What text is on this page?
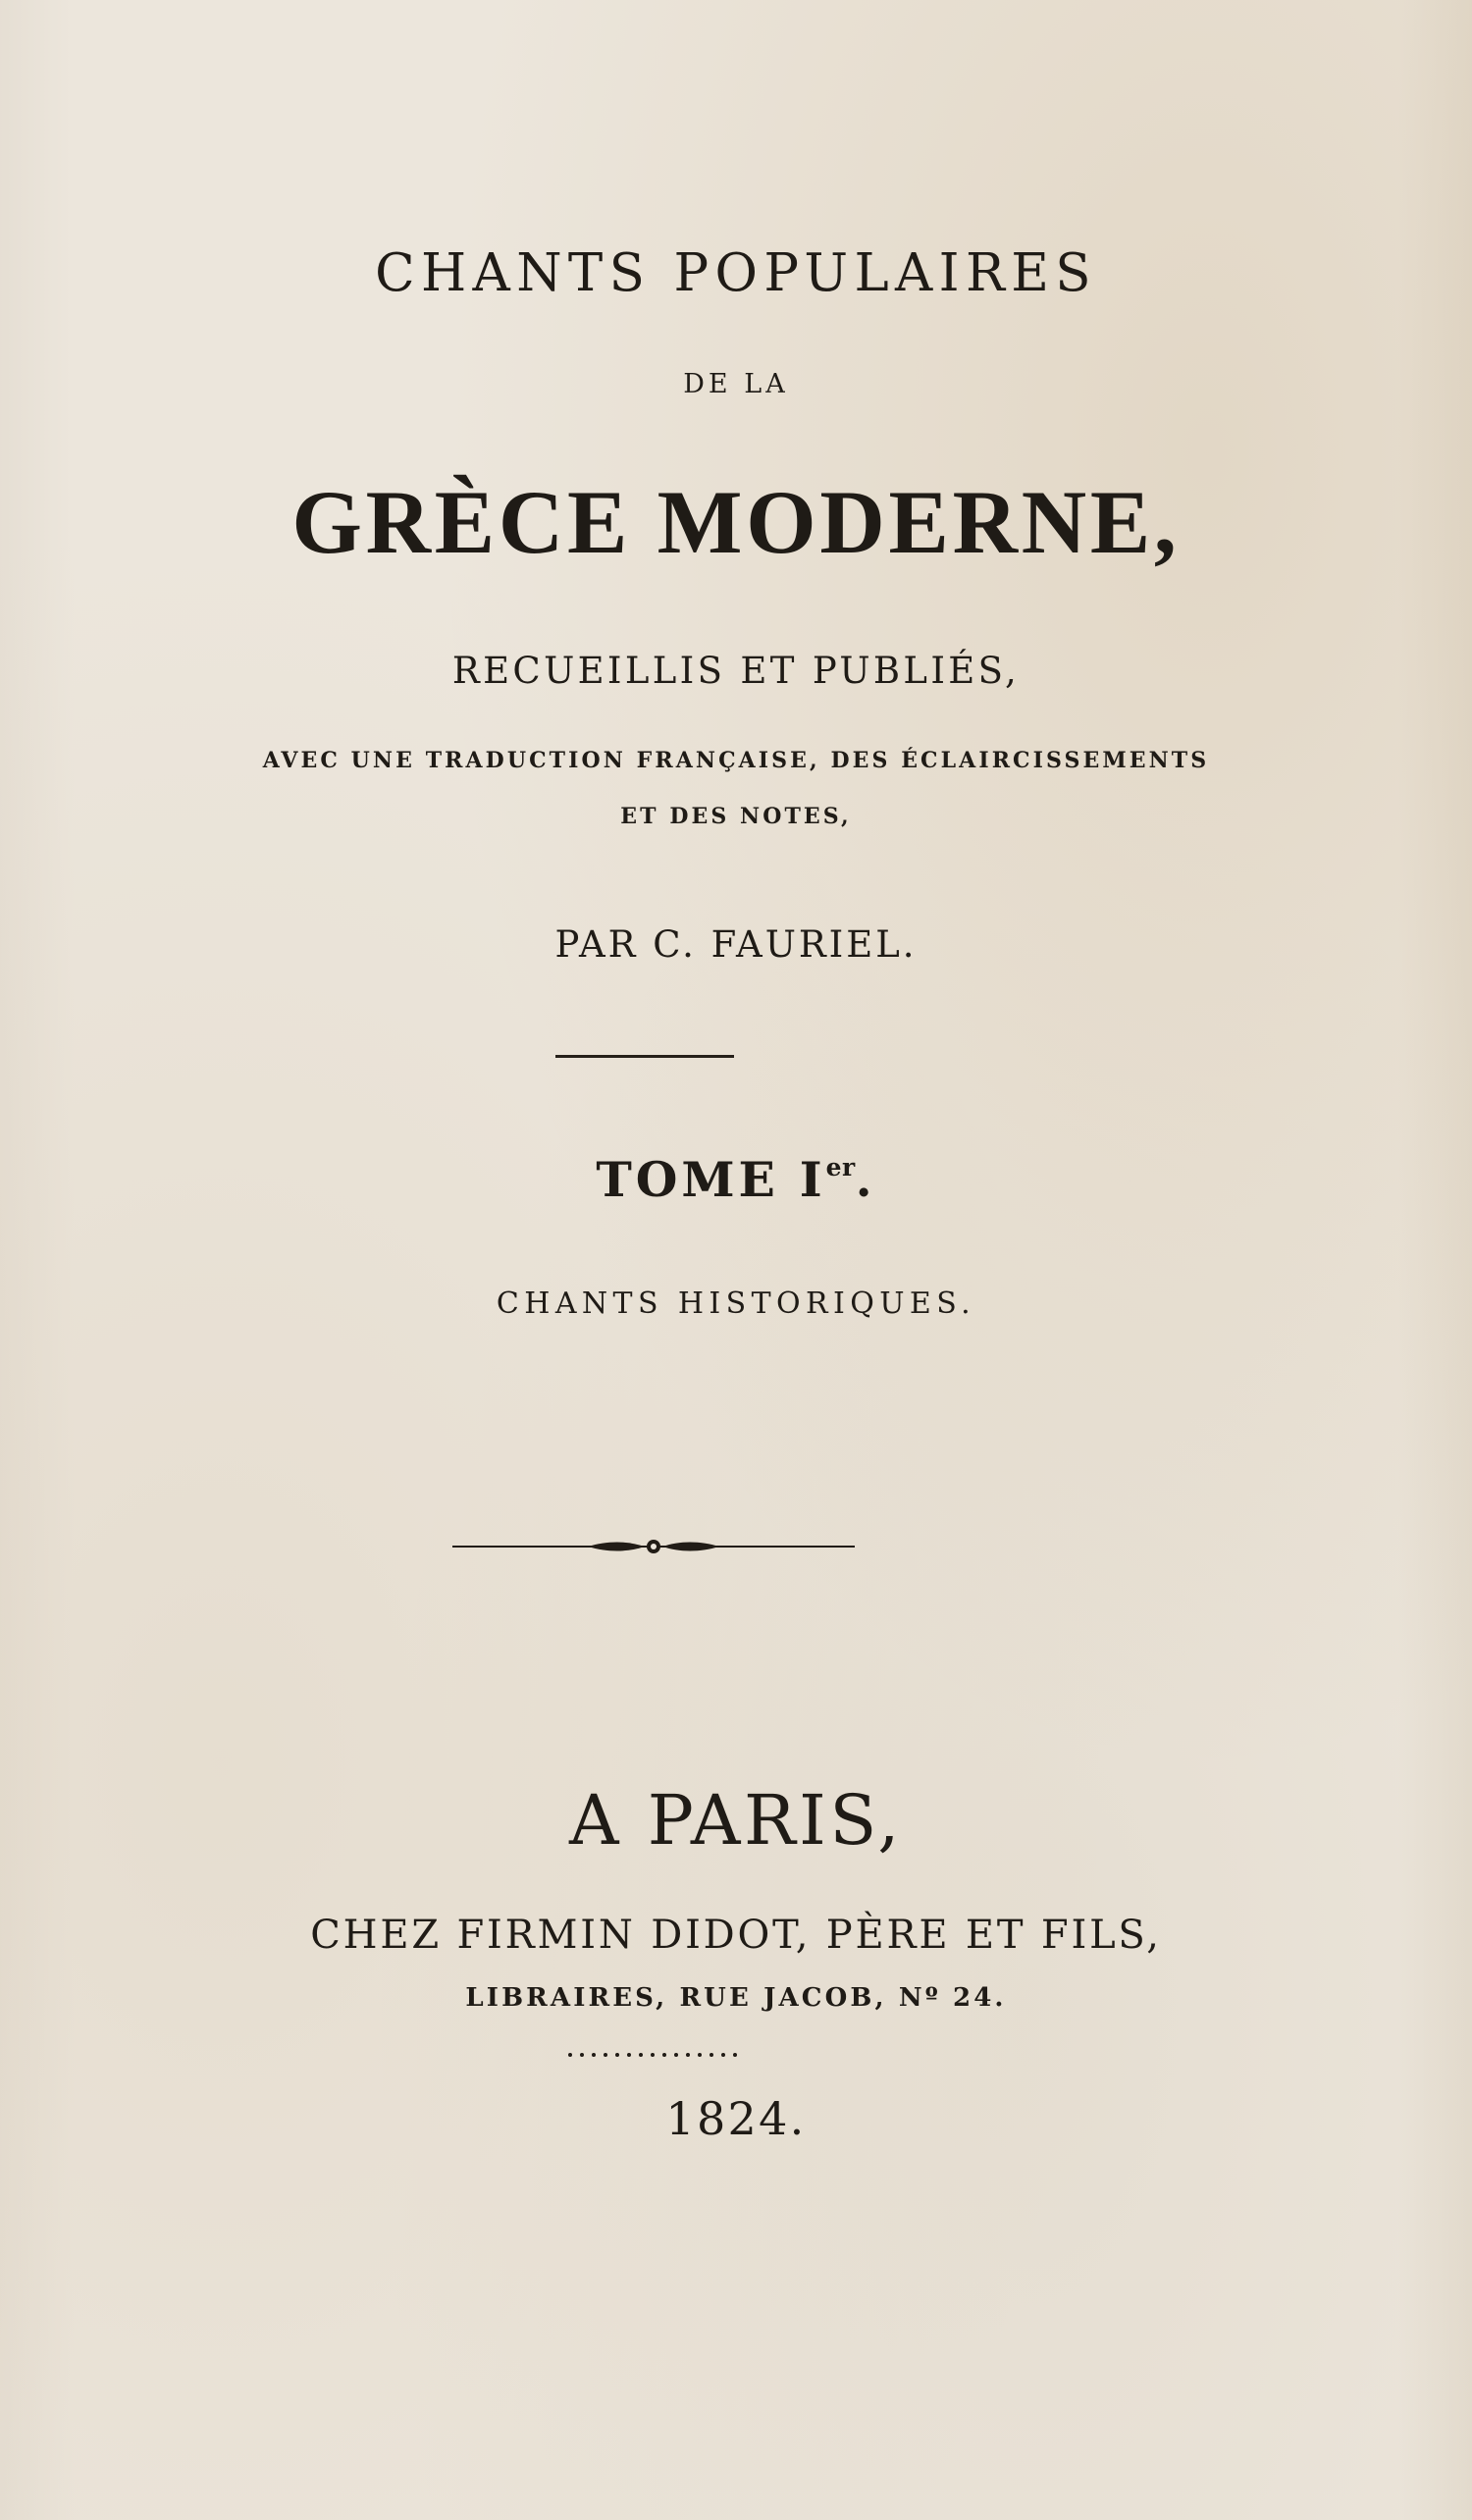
CHANTS POPULAIRES
DE LA
GRÈCE MODERNE,
RECUEILLIS ET PUBLIÉS,
AVEC UNE TRADUCTION FRANÇAISE, DES ÉCLAIRCISSEMENTS
ET DES NOTES,
PAR C. FAURIEL.
TOME Ier.
CHANTS HISTORIQUES.
A PARIS,
CHEZ FIRMIN DIDOT, PÈRE ET FILS,
LIBRAIRES, RUE JACOB, Nº 24.
1824.
